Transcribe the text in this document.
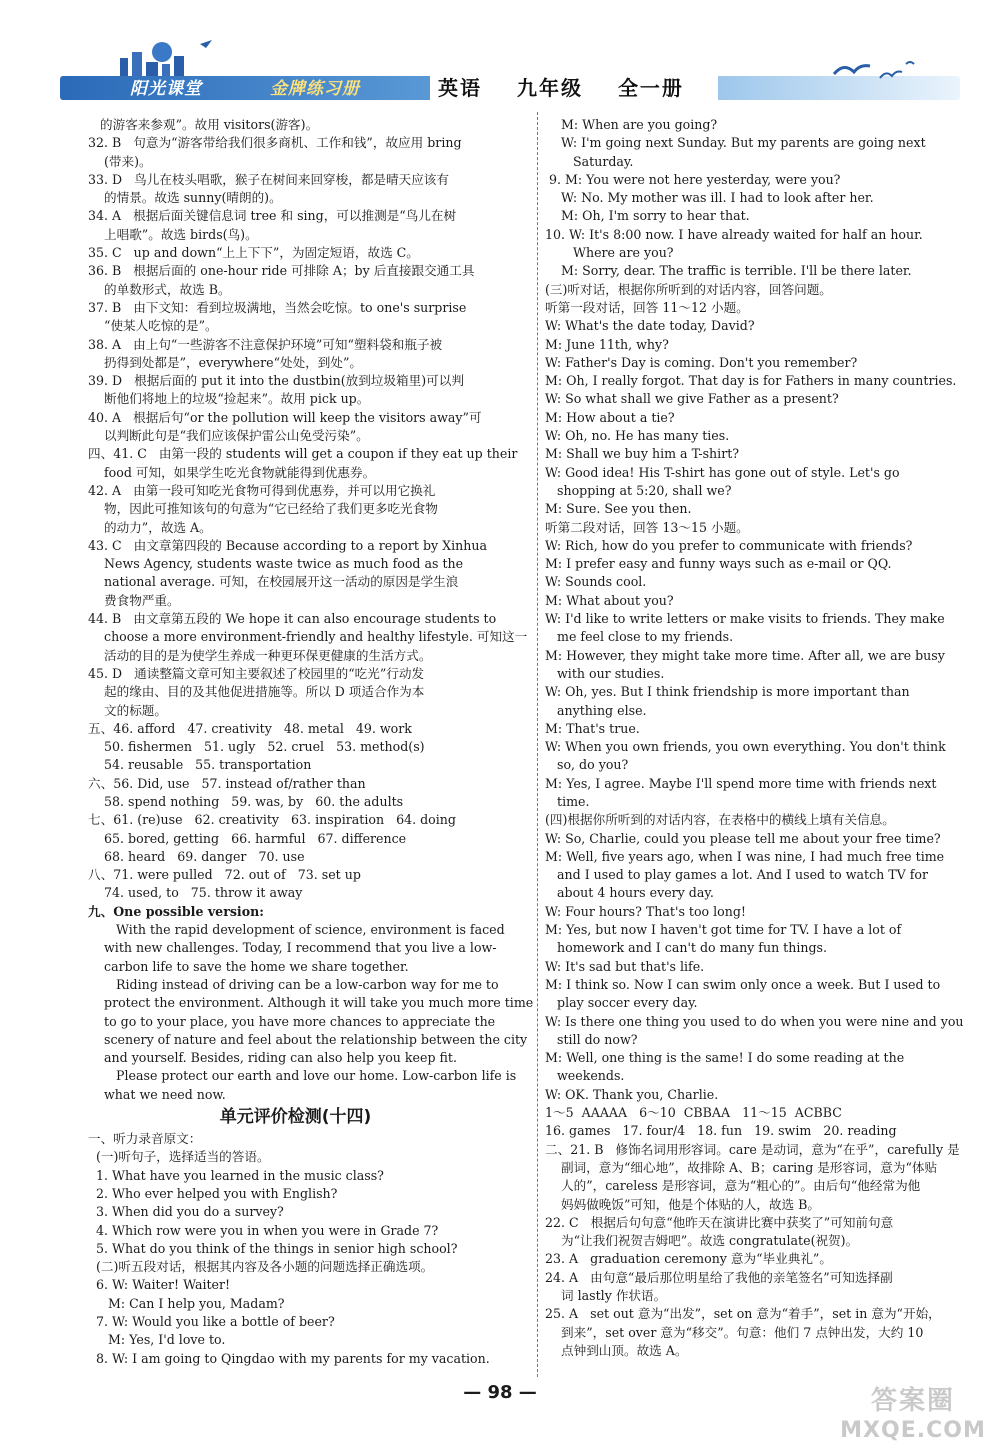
阳光课堂	金牌练习册	英语 九年级 全一册
的游客来参观”。故用 visitors(游客)。
32. B   句意为“游客带给我们很多商机、工作和钱”，故应用 bring
(带来)。
33. D   鸟儿在枝头唱歌，猴子在树间来回穿梭，都是晴天应该有
的情景。故选 sunny(晴朗的)。
34. A   根据后面关键信息词 tree 和 sing，可以推测是“鸟儿在树
上唱歌”。故选 birds(鸟)。
35. C   up and down“上上下下”，为固定短语，故选 C。
36. B   根据后面的 one-hour ride 可排除 A；by 后直接跟交通工具
的单数形式，故选 B。
37. B   由下文知：看到垃圾满地，当然会吃惊。to one's surprise
“使某人吃惊的是”。
38. A   由上句“一些游客不注意保护环境”可知“塑料袋和瓶子被
扔得到处都是”，everywhere“处处，到处”。
39. D   根据后面的 put it into the dustbin(放到垃圾箱里)可以判
断他们将地上的垃圾“捡起来”。故用 pick up。
40. A   根据后句“or the pollution will keep the visitors away”可
以判断此句是“我们应该保护雷公山免受污染”。
四、41. C   由第一段的 students will get a coupon if they eat up their
food 可知，如果学生吃光食物就能得到优惠券。
42. A   由第一段可知吃光食物可得到优惠券，并可以用它换礼
物，因此可推知该句的句意为“它已经给了我们更多吃光食物
的动力”，故选 A。
43. C   由文章第四段的 Because according to a report by Xinhua
News Agency, students waste twice as much food as the
national average. 可知，在校园展开这一活动的原因是学生浪
费食物严重。
44. B   由文章第五段的 We hope it can also encourage students to
choose a more environment-friendly and healthy lifestyle. 可知这一
活动的目的是为使学生养成一种更环保更健康的生活方式。
45. D   通读整篇文章可知主要叙述了校园里的“吃光”行动发
起的缘由、目的及其他促进措施等。所以 D 项适合作为本
文的标题。
五、46. afford   47. creativity   48. metal   49. work
50. fishermen   51. ugly   52. cruel   53. method(s)
54. reusable   55. transportation
六、56. Did, use   57. instead of/rather than
58. spend nothing   59. was, by   60. the adults
七、61. (re)use   62. creativity   63. inspiration   64. doing
65. bored, getting   66. harmful   67. difference
68. heard   69. danger   70. use
八、71. were pulled   72. out of   73. set up
74. used, to   75. throw it away
九、One possible version:
With the rapid development of science, environment is faced
with new challenges. Today, I recommend that you live a low-
carbon life to save the home we share together.
Riding instead of driving can be a low-carbon way for me to
protect the environment. Although it will take you much more time
to go to your place, you have more chances to appreciate the
scenery of nature and feel about the relationship between the city
and yourself. Besides, riding can also help you keep fit.
Please protect our earth and love our home. Low-carbon life is
what we need now.
单元评价检测(十四)
一、听力录音原文：
(一)听句子，选择适当的答语。
1. What have you learned in the music class?
2. Who ever helped you with English?
3. When did you do a survey?
4. Which row were you in when you were in Grade 7?
5. What do you think of the things in senior high school?
(二)听五段对话，根据其内容及各小题的问题选择正确选项。
6. W: Waiter! Waiter!
M: Can I help you, Madam?
7. W: Would you like a bottle of beer?
M: Yes, I'd love to.
8. W: I am going to Qingdao with my parents for my vacation.
M: When are you going?
W: I'm going next Sunday. But my parents are going next
Saturday.
9. M: You were not here yesterday, were you?
W: No. My mother was ill. I had to look after her.
M: Oh, I'm sorry to hear that.
10. W: It's 8:00 now. I have already waited for half an hour.
Where are you?
M: Sorry, dear. The traffic is terrible. I'll be there later.
(三)听对话，根据你所听到的对话内容，回答问题。
听第一段对话，回答 11～12 小题。
W: What's the date today, David?
M: June 11th, why?
W: Father's Day is coming. Don't you remember?
M: Oh, I really forgot. That day is for Fathers in many countries.
W: So what shall we give Father as a present?
M: How about a tie?
W: Oh, no. He has many ties.
M: Shall we buy him a T-shirt?
W: Good idea! His T-shirt has gone out of style. Let's go
shopping at 5:20, shall we?
M: Sure. See you then.
听第二段对话，回答 13～15 小题。
W: Rich, how do you prefer to communicate with friends?
M: I prefer easy and funny ways such as e-mail or QQ.
W: Sounds cool.
M: What about you?
W: I'd like to write letters or make visits to friends. They make
me feel close to my friends.
M: However, they might take more time. After all, we are busy
with our studies.
W: Oh, yes. But I think friendship is more important than
anything else.
M: That's true.
W: When you own friends, you own everything. You don't think
so, do you?
M: Yes, I agree. Maybe I'll spend more time with friends next
time.
(四)根据你所听到的对话内容，在表格中的横线上填有关信息。
W: So, Charlie, could you please tell me about your free time?
M: Well, five years ago, when I was nine, I had much free time
and I used to play games a lot. And I used to watch TV for
about 4 hours every day.
W: Four hours? That's too long!
M: Yes, but now I haven't got time for TV. I have a lot of
homework and I can't do many fun things.
W: It's sad but that's life.
M: I think so. Now I can swim only once a week. But I used to
play soccer every day.
W: Is there one thing you used to do when you were nine and you
still do now?
M: Well, one thing is the same! I do some reading at the
weekends.
W: OK. Thank you, Charlie.
1～5  AAAAA   6～10  CBBAA   11～15  ACBBC
16. games   17. four/4   18. fun   19. swim   20. reading
二、21. B   修饰名词用形容词。care 是动词，意为“在乎”，carefully 是
副词，意为“细心地”，故排除 A、B；caring 是形容词，意为“体贴
人的”，careless 是形容词，意为“粗心的”。由后句“他经常为他
妈妈做晚饭”可知，他是个体贴的人，故选 B。
22. C   根据后句句意“他昨天在演讲比赛中获奖了”可知前句意
为“让我们祝贺吉姆吧”。故选 congratulate(祝贺)。
23. A   graduation ceremony 意为“毕业典礼”。
24. A   由句意“最后那位明星给了我他的亲笔签名”可知选择副
词 lastly 作状语。
25. A   set out 意为“出发”，set on 意为“着手”，set in 意为“开始，
到来”，set over 意为“移交”。句意：他们 7 点钟出发，大约 10
点钟到山顶。故选 A。
— 98 —	答案圈
MXQE.COM
